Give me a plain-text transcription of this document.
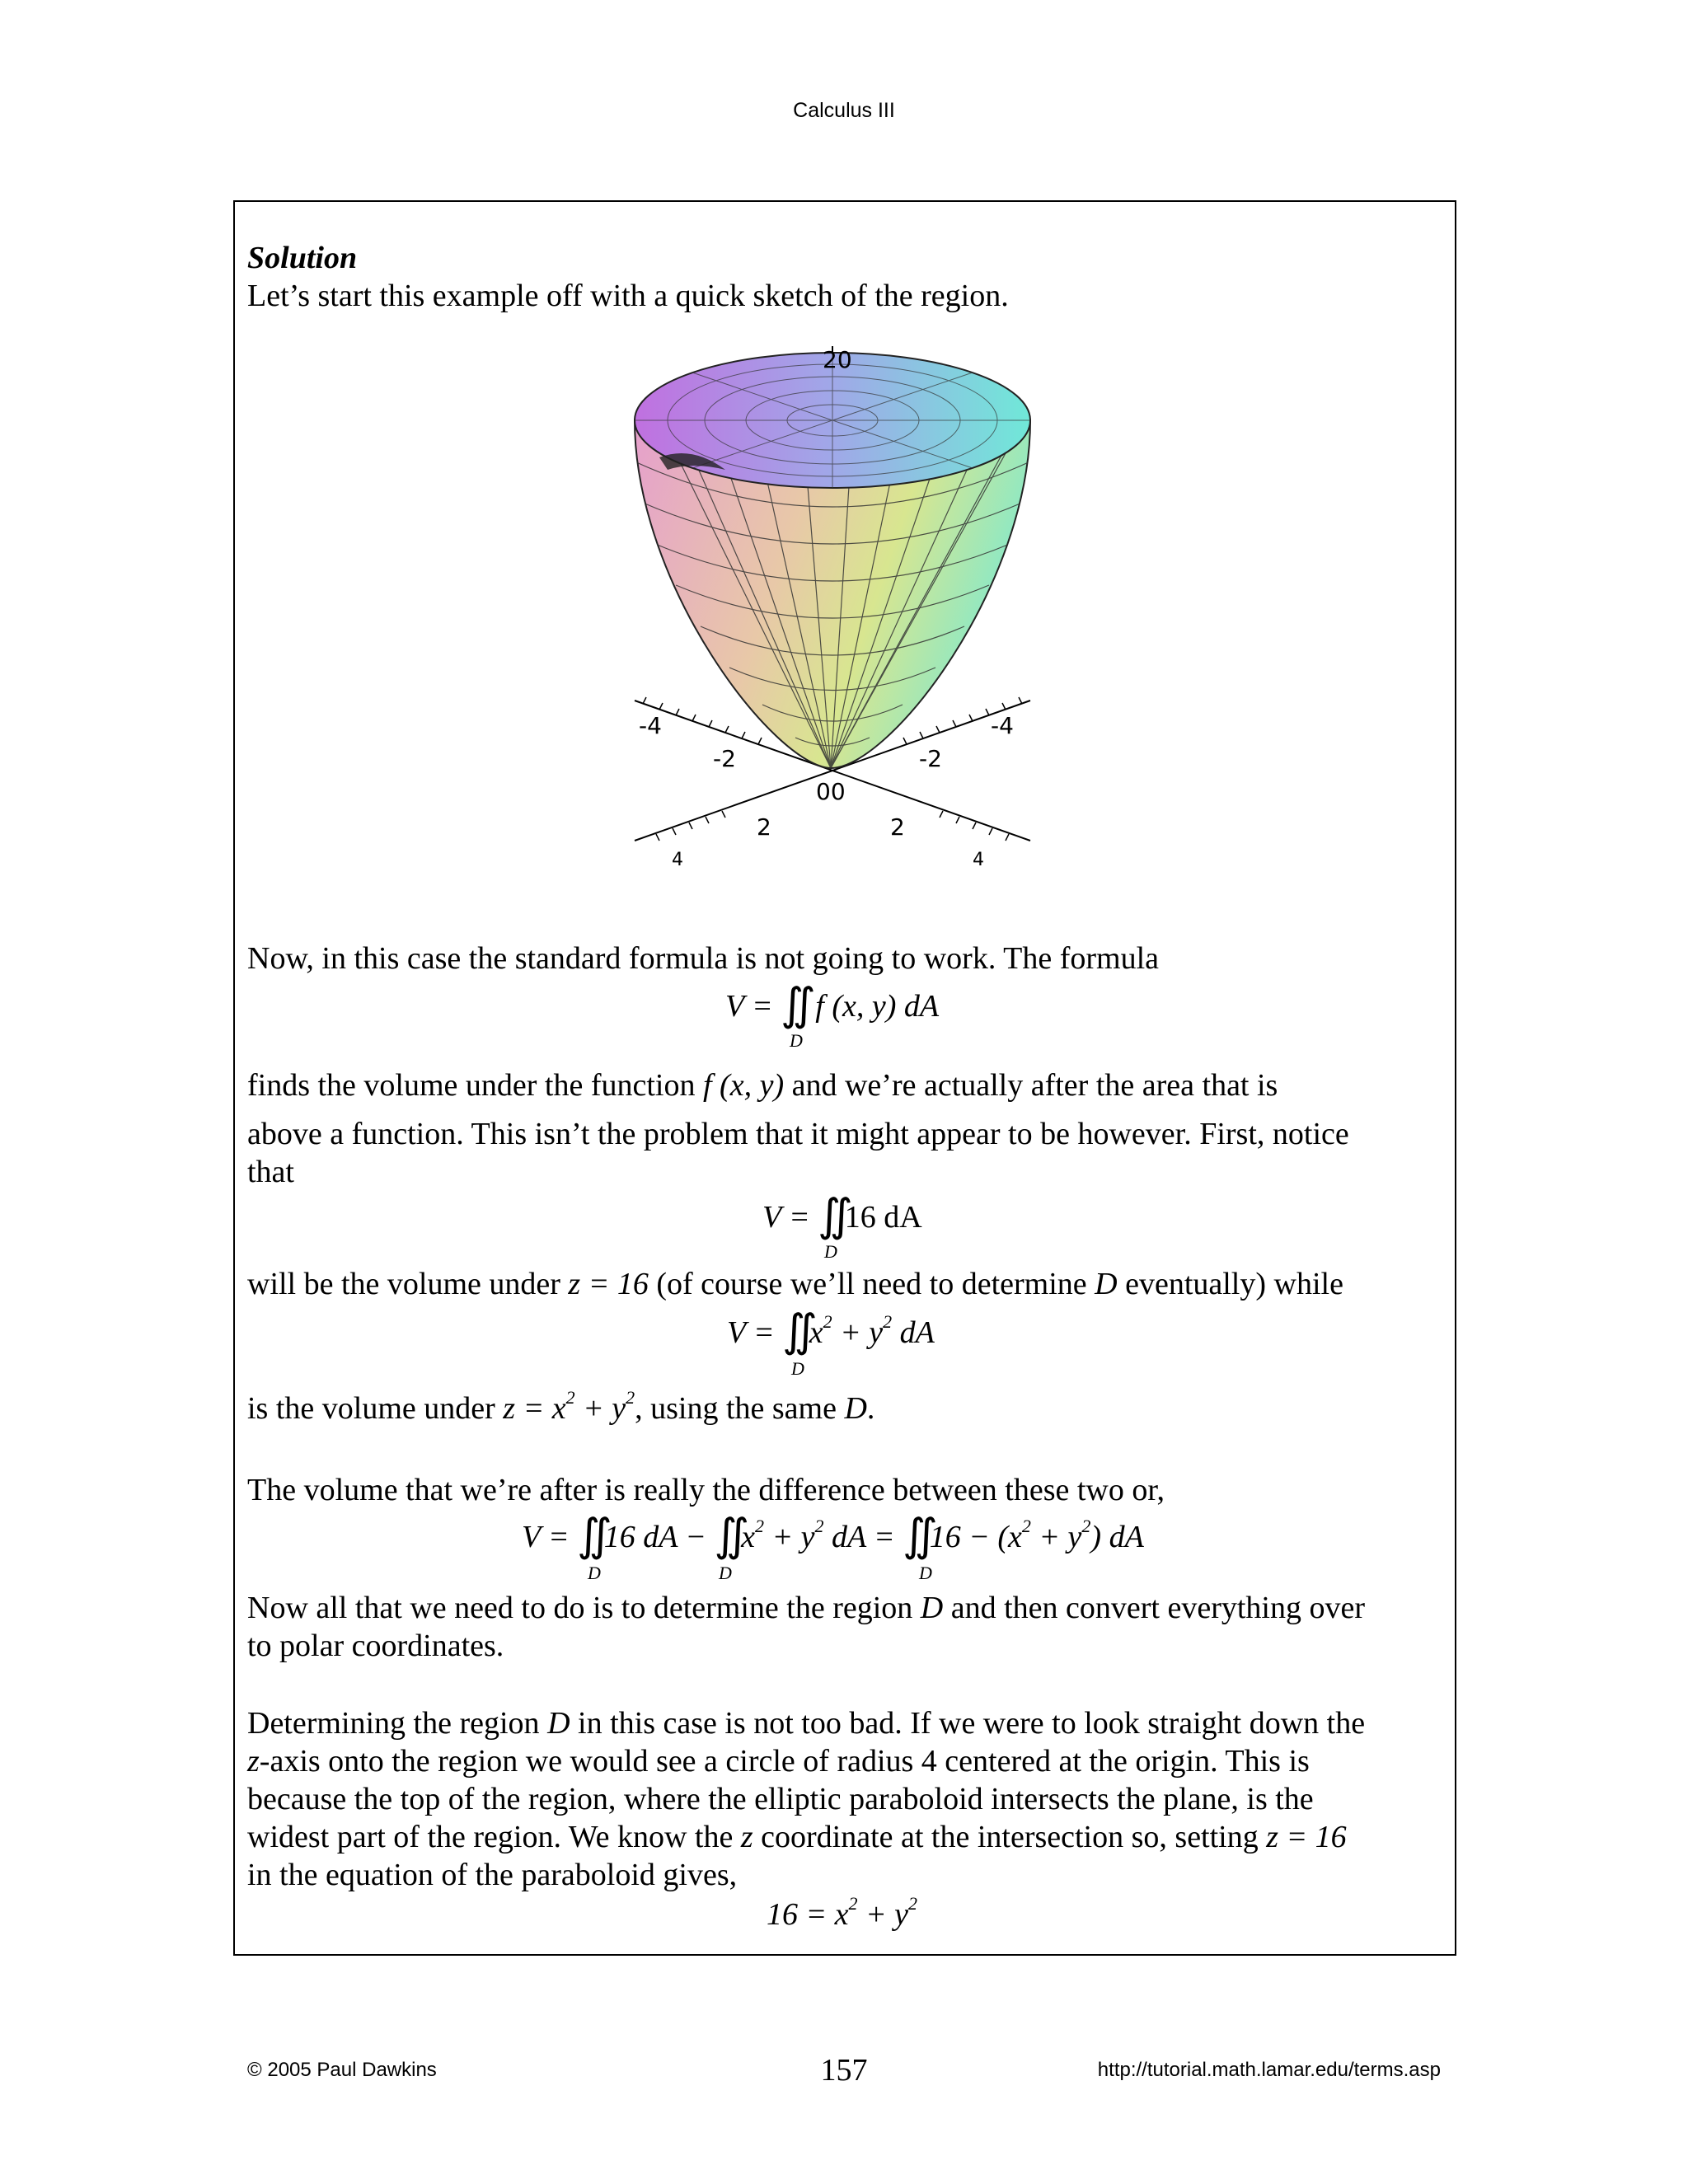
Calculus III
Solution
Let’s start this example off with a quick sketch of the region.
20
-4
-2
-4
-2
00
2	2
4	4
Now, in this case the standard formula is not going to work. The formula
V = ∬ f (x, y) dA
D
finds the volume under the function f (x, y) and we’re actually after the area that is
above a function. This isn’t the problem that it might appear to be however. First, notice
that
V = ∬16 dA
D
will be the volume under z = 16 (of course we’ll need to determine D eventually) while
$V = ∬x^2 + y^2$ dA
D
is the volume under $z = x^2 + y^2$, using the same D.
The volume that we’re after is really the difference between these two or,
V = ∬16 dA − $∬x^2 + y^2$ dA = ∬16 − $(x^2 + y^2)$ dA
D	D	D
Now all that we need to do is to determine the region D and then convert everything over
to polar coordinates.
Determining the region D in this case is not too bad. If we were to look straight down the
z-axis onto the region we would see a circle of radius 4 centered at the origin. This is
because the top of the region, where the elliptic paraboloid intersects the plane, is the
widest part of the region. We know the z coordinate at the intersection so, setting z = 16
in the equation of the paraboloid gives,
$16 = x^2 + y^2$
© 2005 Paul Dawkins	157	http://tutorial.math.lamar.edu/terms.asp
